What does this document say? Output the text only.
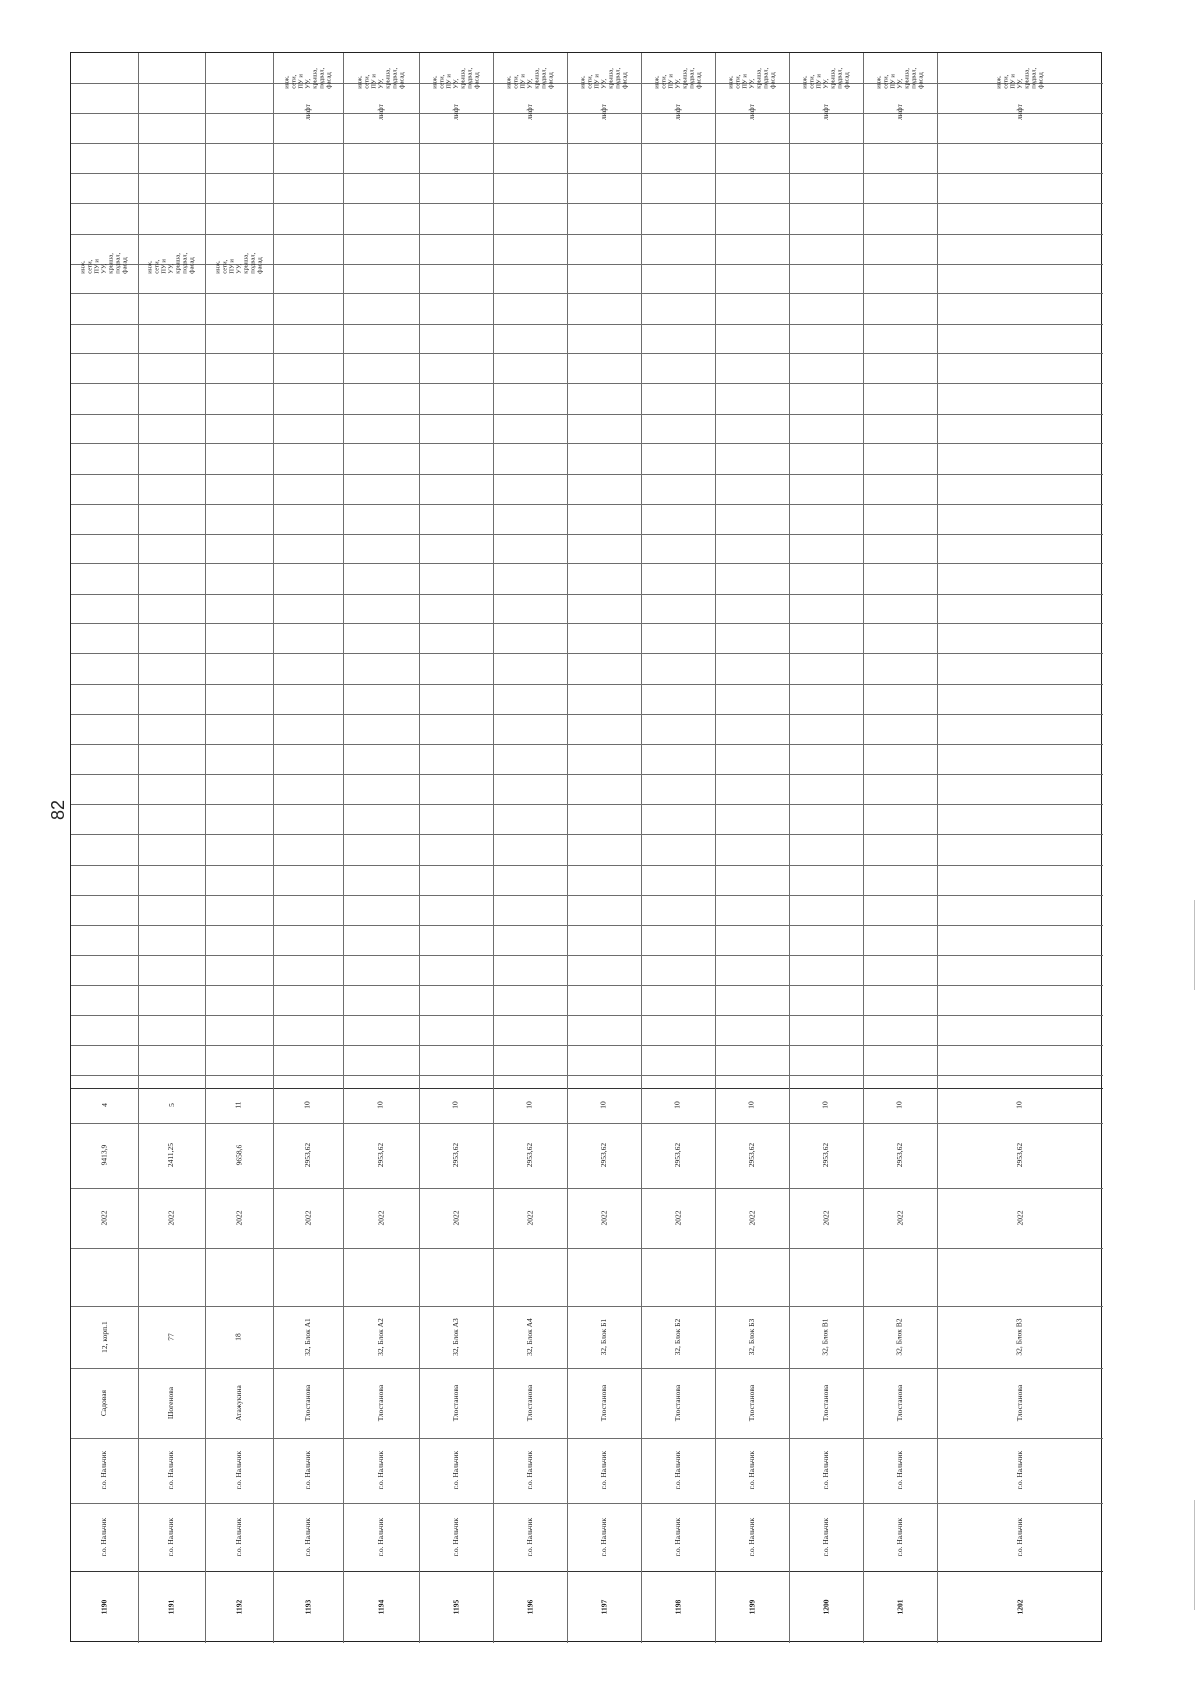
82
1190
г.о. Нальчик
г.о. Нальчик
Садовая
12, корп.1
2022
9413,9
4
инж.
сети,
ПУ и
УУ,
крыша,
подвал,
фасад
1191
г.о. Нальчик
г.о. Нальчик
Шогенова
77
2022
2411,25
5
инж.
сети,
ПУ и
УУ,
крыша,
подвал,
фасад
1192
г.о. Нальчик
г.о. Нальчик
Атажукина
18
2022
9658,6
11
инж.
сети,
ПУ и
УУ,
крыша,
подвал,
фасад
1193
г.о. Нальчик
г.о. Нальчик
Тлостанова
32, Блок А1
2022
2953,62
10
лифт
инж.
сети,
ПУ и
УУ,
крыша,
подвал,
фасад
1194
г.о. Нальчик
г.о. Нальчик
Тлостанова
32, Блок А2
2022
2953,62
10
лифт
инж.
сети,
ПУ и
УУ,
крыша,
подвал,
фасад
1195
г.о. Нальчик
г.о. Нальчик
Тлостанова
32, Блок А3
2022
2953,62
10
лифт
инж.
сети,
ПУ и
УУ,
крыша,
подвал,
фасад
1196
г.о. Нальчик
г.о. Нальчик
Тлостанова
32, Блок А4
2022
2953,62
10
лифт
инж.
сети,
ПУ и
УУ,
крыша,
подвал,
фасад
1197
г.о. Нальчик
г.о. Нальчик
Тлостанова
32, Блок Б1
2022
2953,62
10
лифт
инж.
сети,
ПУ и
УУ,
крыша,
подвал,
фасад
1198
г.о. Нальчик
г.о. Нальчик
Тлостанова
32, Блок Б2
2022
2953,62
10
лифт
инж.
сети,
ПУ и
УУ,
крыша,
подвал,
фасад
1199
г.о. Нальчик
г.о. Нальчик
Тлостанова
32, Блок Б3
2022
2953,62
10
лифт
инж.
сети,
ПУ и
УУ,
крыша,
подвал,
фасад
1200
г.о. Нальчик
г.о. Нальчик
Тлостанова
32, Блок В1
2022
2953,62
10
лифт
инж.
сети,
ПУ и
УУ,
крыша,
подвал,
фасад
1201
г.о. Нальчик
г.о. Нальчик
Тлостанова
32, Блок В2
2022
2953,62
10
лифт
инж.
сети,
ПУ и
УУ,
крыша,
подвал,
фасад
1202
г.о. Нальчик
г.о. Нальчик
Тлостанова
32, Блок В3
2022
2953,62
10
лифт
инж.
сети,
ПУ и
УУ,
крыша,
подвал,
фасад
